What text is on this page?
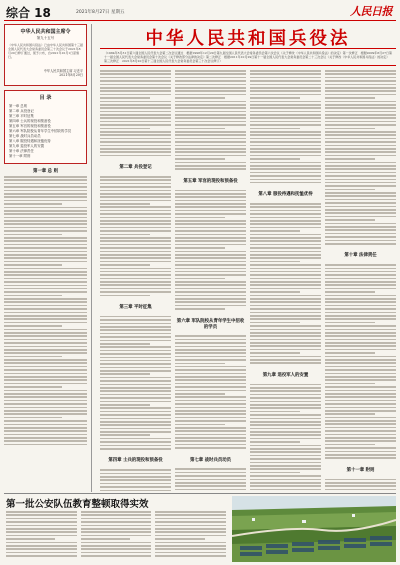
综合 18	2021年8月27日 星期五	人民日报
中华人民共和国主席令
第九十五号
《中华人民共和国兵役法》已由中华人民共和国第十三届全国人民代表大会常务委员会第三十次会议于2021年8月20日修订通过，现予公布，自2021年10月1日起施行。
中华人民共和国主席 习近平
2021年8月20日
目 录
第一章 总则
第二章 兵役登记
第三章 平时征集
第四章 士兵的现役和预备役
第五章 军官的现役和预备役
第六章 军队院校从青年学生中招收的学员
第七章 战时兵员动员
第八章 服役待遇和抚恤优待
第九章 退役军人的安置
第十章 法律责任
第十一章 附则
第一章 总 则
中华人民共和国兵役法
（1984年5月31日第六届全国人民代表大会第二次会议通过　根据1998年12月29日第九届全国人民代表大会常务委员会第六次会议《关于修改〈中华人民共和国兵役法〉的决定》第一次修正　根据2009年8月27日第十一届全国人民代表大会常务委员会第十次会议《关于修改部分法律的决定》第二次修正　根据2011年10月29日第十一届全国人民代表大会常务委员会第二十三次会议《关于修改〈中华人民共和国兵役法〉的决定》第三次修正　2021年8月20日第十三届全国人民代表大会常务委员会第三十次会议修订）
第二章 兵役登记
第三章 平时征集
第四章 士兵的现役和预备役
第五章 军官的现役和预备役
第六章 军队院校从青年学生中招收的学员
第七章 战时兵员动员
第八章 服役待遇和抚恤优待
第九章 退役军人的安置
第十章 法律责任
第十一章 附则
第一批公安队伍教育整顿取得实效
